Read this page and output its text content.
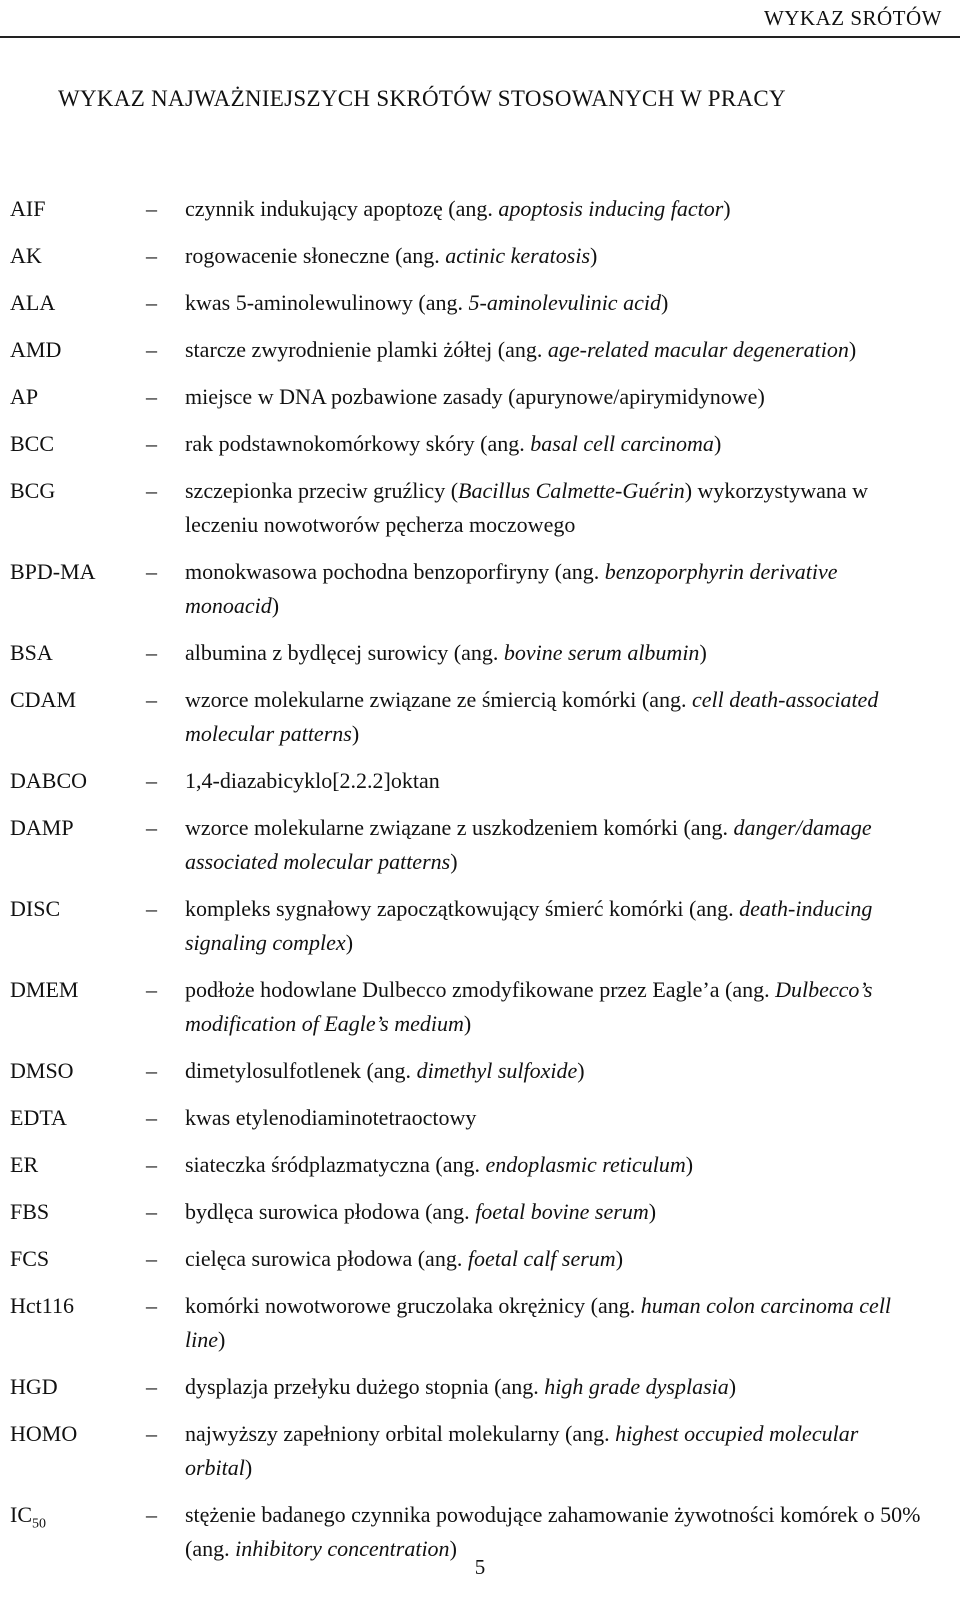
WYKAZ SRÓTÓW
WYKAZ NAJWAŻNIEJSZYCH SKRÓTÓW STOSOWANYCH W PRACY
AIF	– czynnik indukujący apoptozę (ang. apoptosis inducing factor)
AK	– rogowacenie słoneczne (ang. actinic keratosis)
ALA	– kwas 5-aminolewulinowy (ang. 5-aminolevulinic acid)
AMD	– starcze zwyrodnienie plamki żółtej (ang. age-related macular degeneration)
AP	– miejsce w DNA pozbawione zasady (apurynowe/apirymidynowe)
BCC	– rak podstawnokomórkowy skóry (ang. basal cell carcinoma)
BCG	– szczepionka przeciw gruźlicy (Bacillus Calmette-Guérin) wykorzystywana w leczeniu nowotworów pęcherza moczowego
BPD-MA – monokwasowa pochodna benzoporfiryny (ang. benzoporphyrin derivative monoacid)
BSA	– albumina z bydlęcej surowicy (ang. bovine serum albumin)
CDAM	– wzorce molekularne związane ze śmiercią komórki (ang. cell death-associated molecular patterns)
DABCO	– 1,4-diazabicyklo[2.2.2]oktan
DAMP	– wzorce molekularne związane z uszkodzeniem komórki (ang. danger/damage associated molecular patterns)
DISC	– kompleks sygnałowy zapoczątkowujący śmierć komórki (ang. death-inducing signaling complex)
DMEM	– podłoże hodowlane Dulbecco zmodyfikowane przez Eagle’a (ang. Dulbecco’s modification of Eagle’s medium)
DMSO	– dimetylosulfotlenek (ang. dimethyl sulfoxide)
EDTA	– kwas etylenodiaminotetraoctowy
ER	– siateczka śródplazmatyczna (ang. endoplasmic reticulum)
FBS	– bydlęca surowica płodowa (ang. foetal bovine serum)
FCS	– cielęca surowica płodowa (ang. foetal calf serum)
Hct116	– komórki nowotworowe gruczolaka okrężnicy (ang. human colon carcinoma cell line)
HGD	– dysplazja przełyku dużego stopnia (ang. high grade dysplasia)
HOMO	– najwyższy zapełniony orbital molekularny (ang. highest occupied molecular orbital)
$IC_{50}$	– stężenie badanego czynnika powodujące zahamowanie żywotności komórek o 50% (ang. inhibitory concentration)
5
